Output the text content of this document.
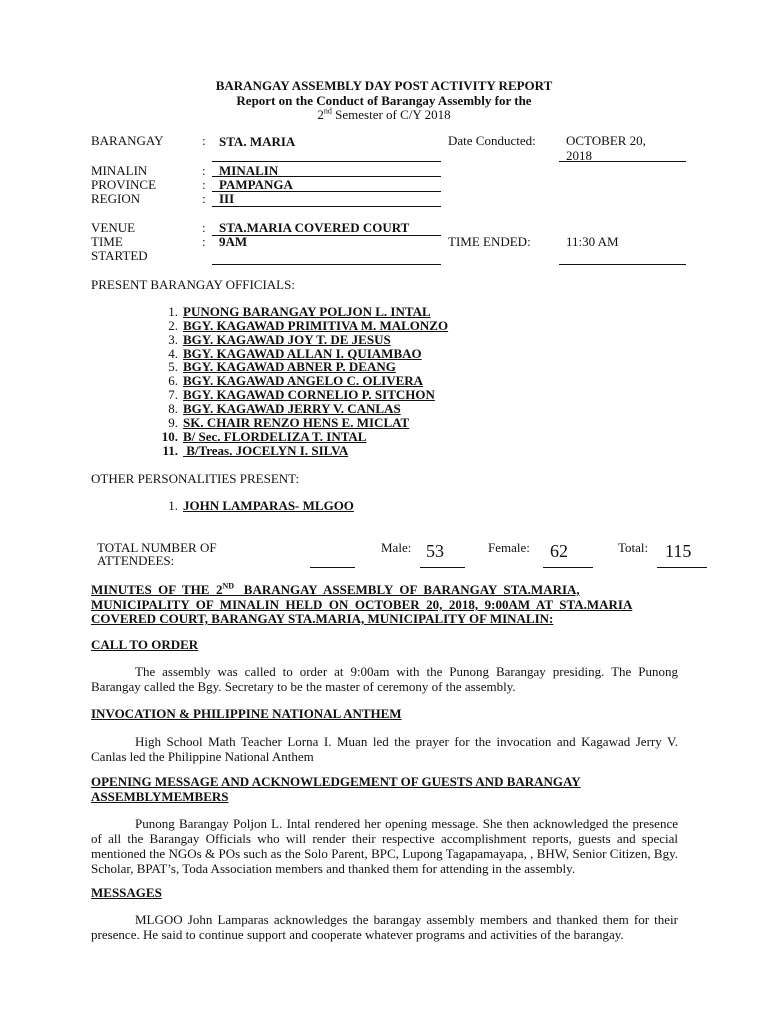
BARANGAY ASSEMBLY DAY POST ACTIVITY REPORT
Report on the Conduct of Barangay Assembly for the
2nd Semester of C/Y 2018
BARANGAY	: STA. MARIA	Date Conducted: OCTOBER 20,
2018
MINALIN	: MINALIN
PROVINCE	: PAMPANGA
REGION	: III
VENUE	: STA.MARIA COVERED COURT
TIME
STARTED
: 9AM	TIME ENDED:	11:30 AM
PRESENT BARANGAY OFFICIALS:
1. PUNONG BARANGAY POLJON L. INTAL
2. BGY. KAGAWAD PRIMITIVA M. MALONZO
3. BGY. KAGAWAD JOY T. DE JESUS
4. BGY. KAGAWAD ALLAN I. QUIAMBAO
5. BGY. KAGAWAD ABNER P. DEANG
6. BGY. KAGAWAD ANGELO C. OLIVERA
7. BGY. KAGAWAD CORNELIO P. SITCHON
8. BGY. KAGAWAD JERRY V. CANLAS
9. SK. CHAIR RENZO HENS E. MICLAT
10. B/ Sec. FLORDELIZA T. INTAL
11. B/Treas. JOCELYN I. SILVA
OTHER PERSONALITIES PRESENT:
1. JOHN LAMPARAS- MLGOO
TOTAL NUMBER OF
ATTENDEES:
Male: 53	Female: 62	Total: 115
MINUTES  OF  THE  2ND   BARANGAY  ASSEMBLY  OF  BARANGAY  STA.MARIA,
MUNICIPALITY  OF  MINALIN  HELD  ON  OCTOBER  20,  2018,  9:00AM  AT  STA.MARIA
COVERED COURT, BARANGAY STA.MARIA, MUNICIPALITY OF MINALIN:
CALL TO ORDER
The assembly was called to order at 9:00am with the Punong Barangay presiding. The Punong Barangay called the Bgy. Secretary to be the master of ceremony of the assembly.
INVOCATION & PHILIPPINE NATIONAL ANTHEM
High School Math Teacher Lorna I. Muan led the prayer for the invocation and Kagawad Jerry V. Canlas led the Philippine National Anthem
OPENING MESSAGE AND ACKNOWLEDGEMENT OF GUESTS AND BARANGAY
ASSEMBLYMEMBERS
Punong Barangay Poljon L. Intal rendered her opening message. She then acknowledged the presence of all the Barangay Officials who will render their respective accomplishment reports, guests and special mentioned the NGOs & POs such as the Solo Parent, BPC, Lupong Tagapamayapa, , BHW, Senior Citizen, Bgy. Scholar, BPAT’s, Toda Association members and thanked them for attending in the assembly.
MESSAGES
MLGOO John Lamparas acknowledges the barangay assembly members and thanked them for their presence. He said to continue support and cooperate whatever programs and activities of the barangay.
